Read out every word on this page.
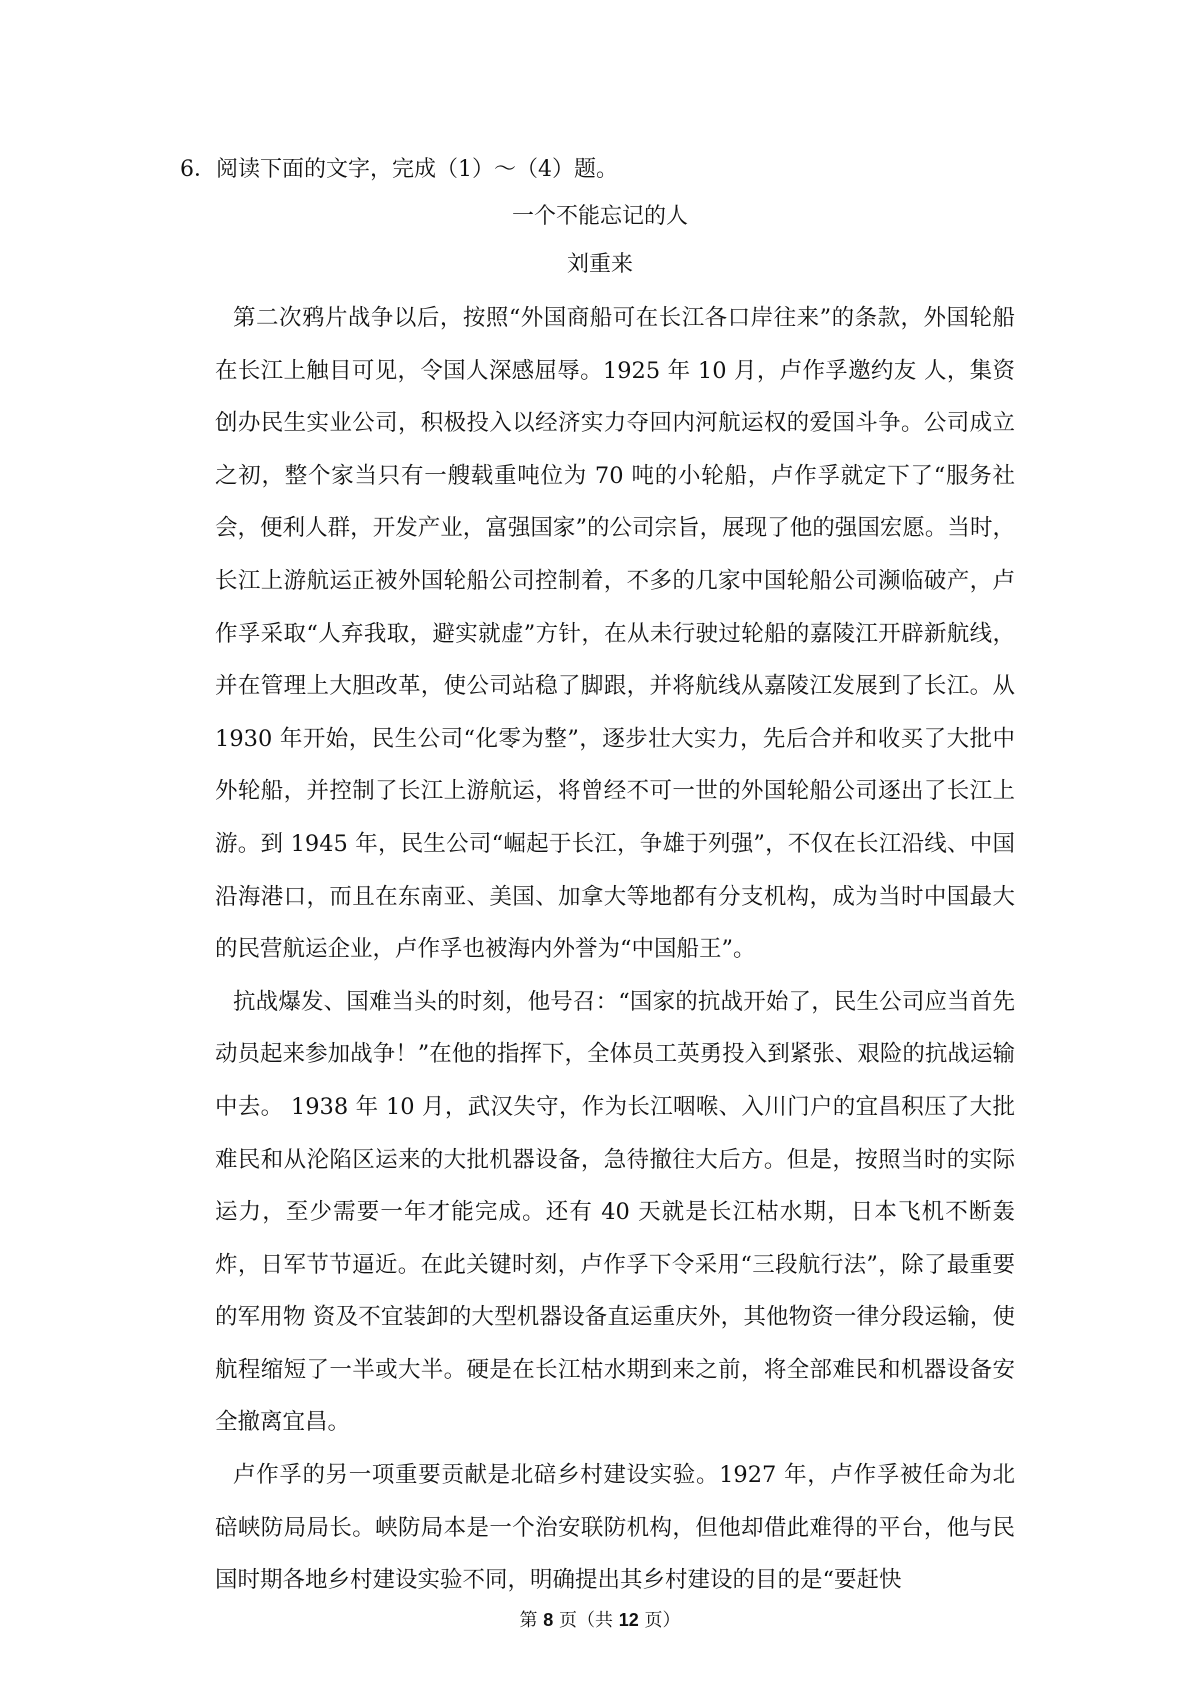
6．阅读下面的文字，完成（1）～（4）题。
一个不能忘记的人
刘重来

第二次鸦片战争以后，按照“外国商船可在长江各口岸往来”的条款，外国轮船在长江上触目可见，令国人深感屈辱。1925 年 10 月，卢作孚邀约友 人，集资创办民生实业公司，积极投入以经济实力夺回内河航运权的爱国斗争。公司成立之初，整个家当只有一艘载重吨位为 70 吨的小轮船，卢作孚就定下了“服务社 会，便利人群，开发产业，富强国家”的公司宗旨，展现了他的强国宏愿。当时，长江上游航运正被外国轮船公司控制着，不多的几家中国轮船公司濒临破产，卢 作孚采取“人弃我取，避实就虚”方针，在从未行驶过轮船的嘉陵江开辟新航线，并在管理上大胆改革，使公司站稳了脚跟，并将航线从嘉陵江发展到了长江。从 1930 年开始，民生公司“化零为整”，逐步壮大实力，先后合并和收买了大批中外轮船，并控制了长江上游航运，将曾经不可一世的外国轮船公司逐出了长江上游。到 1945 年，民生公司“崛起于长江，争雄于列强”，不仅在长江沿线、中国沿海港口，而且在东南亚、美国、加拿大等地都有分支机构，成为当时中国最大的民营航运企业，卢作孚也被海内外誉为“中国船王”。

抗战爆发、国难当头的时刻，他号召：“国家的抗战开始了，民生公司应当首先动员起来参加战争！”在他的指挥下，全体员工英勇投入到紧张、艰险的抗战运输中去。 1938 年 10 月，武汉失守，作为长江咽喉、入川门户的宜昌积压了大批难民和从沦陷区运来的大批机器设备，急待撤往大后方。但是，按照当时的实际运力，至少需要一年才能完成。还有 40 天就是长江枯水期，日本飞机不断轰炸，日军节节逼近。在此关键时刻，卢作孚下令采用“三段航行法”，除了最重要的军用物 资及不宜装卸的大型机器设备直运重庆外，其他物资一律分段运输，使航程缩短了一半或大半。硬是在长江枯水期到来之前，将全部难民和机器设备安全撤离宜昌。

卢作孚的另一项重要贡献是北碚乡村建设实验。1927 年，卢作孚被任命为北碚峡防局局长。峡防局本是一个治安联防机构，但他却借此难得的平台，他与民国时期各地乡村建设实验不同，明确提出其乡村建设的目的是“要赶快

第 8 页（共 12 页）
